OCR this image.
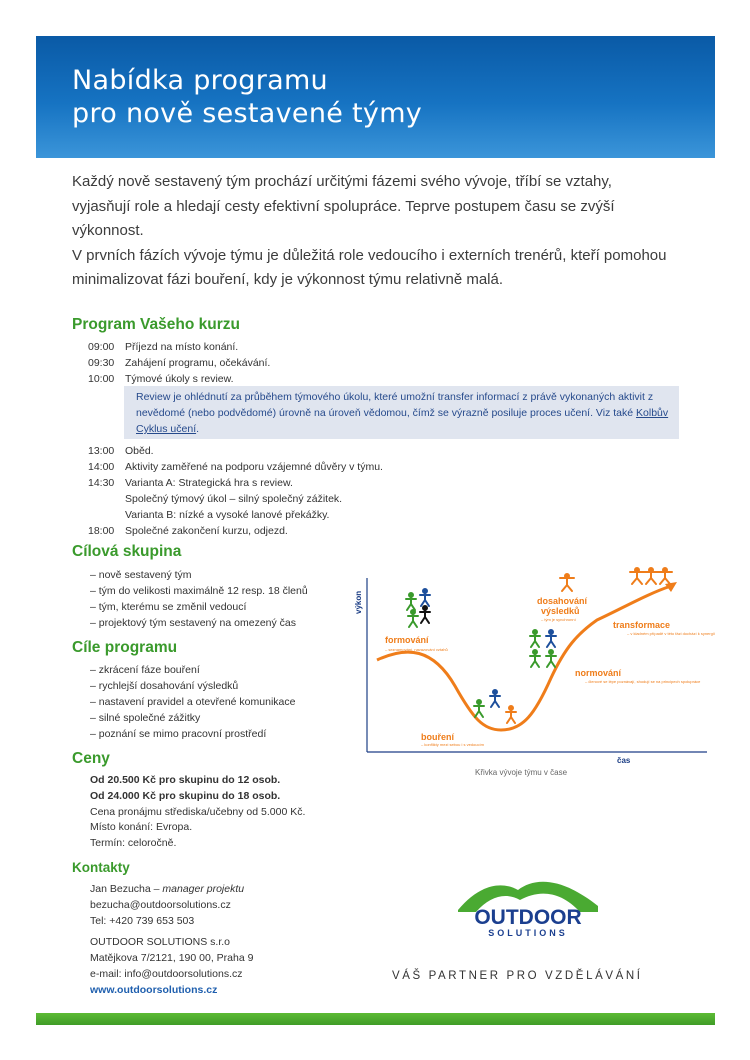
Nabídka programu
pro nově sestavené týmy

Každý nově sestavený tým prochází určitými fázemi svého vývoje, tříbí se vztahy, vyjasňují role a hledají cesty efektivní spolupráce. Teprve postupem času se zvýší výkonnost.

V prvních fázích vývoje týmu je důležitá role vedoucího i externích trenérů, kteří pomohou minimalizovat fázi bouření, kdy je výkonnost týmu relativně malá.

Program Vašeho kurzu
09:00	Příjezd na místo konání.
09:30	Zahájení programu, očekávání.
10:00	Týmové úkoly s review.
Review je ohlédnutí za průběhem týmového úkolu, které umožní transfer informací z právě vykonaných aktivit z nevědomé (nebo podvědomé) úrovně na úroveň vědomou, čímž se výrazně posiluje proces učení. Viz také Kolbův Cyklus učení.
13:00	Oběd.
14:00	Aktivity zaměřené na podporu vzájemné důvěry v týmu.
14:30	Varianta A: Strategická hra s review.
Společný týmový úkol – silný společný zážitek.
Varianta B: nízké a vysoké lanové překážky.
18:00	Společné zakončení kurzu, odjezd.
Cílová skupina
– nově sestavený tým
– tým do velikosti maximálně 12 resp. 18 členů
– tým, kterému se změnil vedoucí
– projektový tým sestavený na omezený čas
Cíle programu
– zkrácení fáze bouření
– rychlejší dosahování výsledků
– nastavení pravidel a otevřené komunikace
– silné společné zážitky
– poznání se mimo pracovní prostředí
Ceny
Od 20.500 Kč pro skupinu do 12 osob.
Od 24.000 Kč pro skupinu do 18 osob.
Cena pronájmu střediska/učebny od 5.000 Kč.
Místo konání: Evropa.
Termín: celoročně.
Kontakty
Jan Bezucha – manager projektu
bezucha@outdoorsolutions.cz
Tel: +420 739 653 503
OUTDOOR SOLUTIONS s.r.o
Matějkova 7/2121, 190 00, Praha 9
e-mail: info@outdoorsolutions.cz
www.outdoorsolutions.cz
výkon
čas
formování
– seznamování, navazování vztahů
bouření
– konflikty mezi sebou i s vedoucím
normování
– členové se lépe poznávají, shodují se na principech spolupráce
dosahování
výsledků
– tým je synchronní
transformace
– v kladném případě v této fázi dochází k synergii
Křivka vývoje týmu v čase
OUTDOOR
SOLUTIONS
VÁŠ PARTNER PRO VZDĚLÁVÁNÍ
